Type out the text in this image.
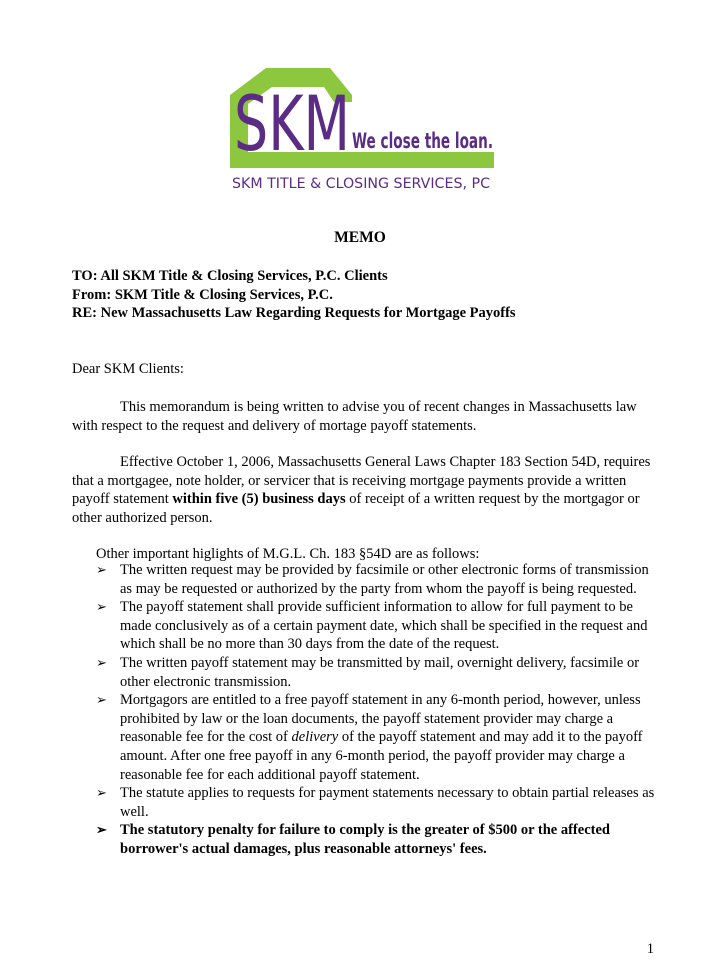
SKM We close the loan.
SKM TITLE & CLOSING SERVICES, PC
MEMO
TO: All SKM Title & Closing Services, P.C. Clients
From: SKM Title & Closing Services, P.C.
RE: New Massachusetts Law Regarding Requests for Mortgage Payoffs
Dear SKM Clients:
This memorandum is being written to advise you of recent changes in Massachusetts law with respect to the request and delivery of mortage payoff statements.
Effective October 1, 2006, Massachusetts General Laws Chapter 183 Section 54D, requires that a mortgagee, note holder, or servicer that is receiving mortgage payments provide a written payoff statement within five (5) business days of receipt of a written request by the mortgagor or other authorized person.
Other important higlights of M.G.L. Ch. 183 §54D are as follows:
➢ The written request may be provided by facsimile or other electronic forms of transmission as may be requested or authorized by the party from whom the payoff is being requested.
➢ The payoff statement shall provide sufficient information to allow for full payment to be made conclusively as of a certain payment date, which shall be specified in the request and which shall be no more than 30 days from the date of the request.
➢ The written payoff statement may be transmitted by mail, overnight delivery, facsimile or other electronic transmission.
➢ Mortgagors are entitled to a free payoff statement in any 6-month period, however, unless prohibited by law or the loan documents, the payoff statement provider may charge a reasonable fee for the cost of delivery of the payoff statement and may add it to the payoff amount. After one free payoff in any 6-month period, the payoff provider may charge a reasonable fee for each additional payoff statement.
➢ The statute applies to requests for payment statements necessary to obtain partial releases as well.
➢ The statutory penalty for failure to comply is the greater of $500 or the affected borrower's actual damages, plus reasonable attorneys' fees.
1
